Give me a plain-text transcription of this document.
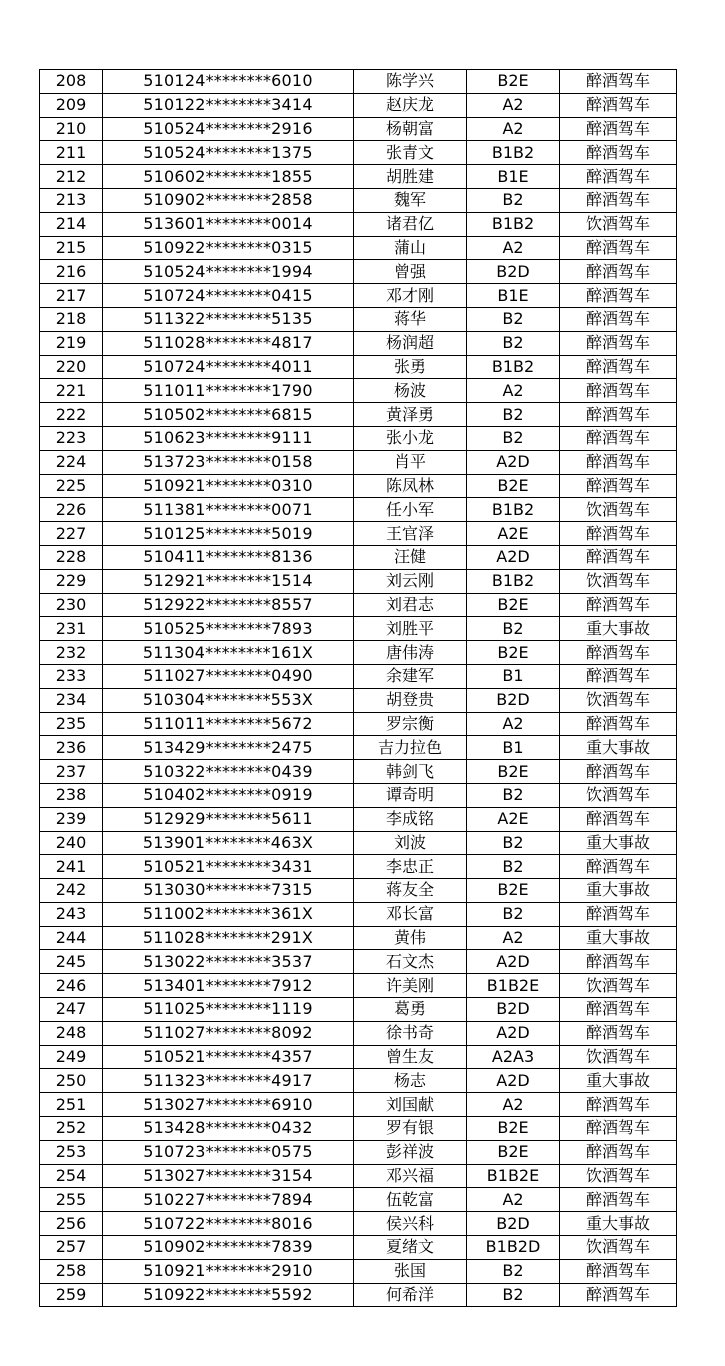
208	510124********6010	陈学兴	B2E	醉酒驾车
209	510122********3414	赵庆龙	A2	醉酒驾车
210	510524********2916	杨朝富	A2	醉酒驾车
211	510524********1375	张青文	B1B2	醉酒驾车
212	510602********1855	胡胜建	B1E	醉酒驾车
213	510902********2858	魏军	B2	醉酒驾车
214	513601********0014	诸君亿	B1B2	饮酒驾车
215	510922********0315	蒲山	A2	醉酒驾车
216	510524********1994	曾强	B2D	醉酒驾车
217	510724********0415	邓才刚	B1E	醉酒驾车
218	511322********5135	蒋华	B2	醉酒驾车
219	511028********4817	杨润超	B2	醉酒驾车
220	510724********4011	张勇	B1B2	醉酒驾车
221	511011********1790	杨波	A2	醉酒驾车
222	510502********6815	黄泽勇	B2	醉酒驾车
223	510623********9111	张小龙	B2	醉酒驾车
224	513723********0158	肖平	A2D	醉酒驾车
225	510921********0310	陈凤林	B2E	醉酒驾车
226	511381********0071	任小军	B1B2	饮酒驾车
227	510125********5019	王官泽	A2E	醉酒驾车
228	510411********8136	汪健	A2D	醉酒驾车
229	512921********1514	刘云刚	B1B2	饮酒驾车
230	512922********8557	刘君志	B2E	醉酒驾车
231	510525********7893	刘胜平	B2	重大事故
232	511304********161X	唐伟涛	B2E	醉酒驾车
233	511027********0490	余建军	B1	醉酒驾车
234	510304********553X	胡登贵	B2D	饮酒驾车
235	511011********5672	罗宗衡	A2	醉酒驾车
236	513429********2475	吉力拉色	B1	重大事故
237	510322********0439	韩剑飞	B2E	醉酒驾车
238	510402********0919	谭奇明	B2	饮酒驾车
239	512929********5611	李成铭	A2E	醉酒驾车
240	513901********463X	刘波	B2	重大事故
241	510521********3431	李忠正	B2	醉酒驾车
242	513030********7315	蒋友全	B2E	重大事故
243	511002********361X	邓长富	B2	醉酒驾车
244	511028********291X	黄伟	A2	重大事故
245	513022********3537	石文杰	A2D	醉酒驾车
246	513401********7912	许美刚	B1B2E	饮酒驾车
247	511025********1119	葛勇	B2D	醉酒驾车
248	511027********8092	徐书奇	A2D	醉酒驾车
249	510521********4357	曾生友	A2A3	饮酒驾车
250	511323********4917	杨志	A2D	重大事故
251	513027********6910	刘国献	A2	醉酒驾车
252	513428********0432	罗有银	B2E	醉酒驾车
253	510723********0575	彭祥波	B2E	醉酒驾车
254	513027********3154	邓兴福	B1B2E	饮酒驾车
255	510227********7894	伍乾富	A2	醉酒驾车
256	510722********8016	侯兴科	B2D	重大事故
257	510902********7839	夏绪文	B1B2D	饮酒驾车
258	510921********2910	张国	B2	醉酒驾车
259	510922********5592	何希洋	B2	醉酒驾车
